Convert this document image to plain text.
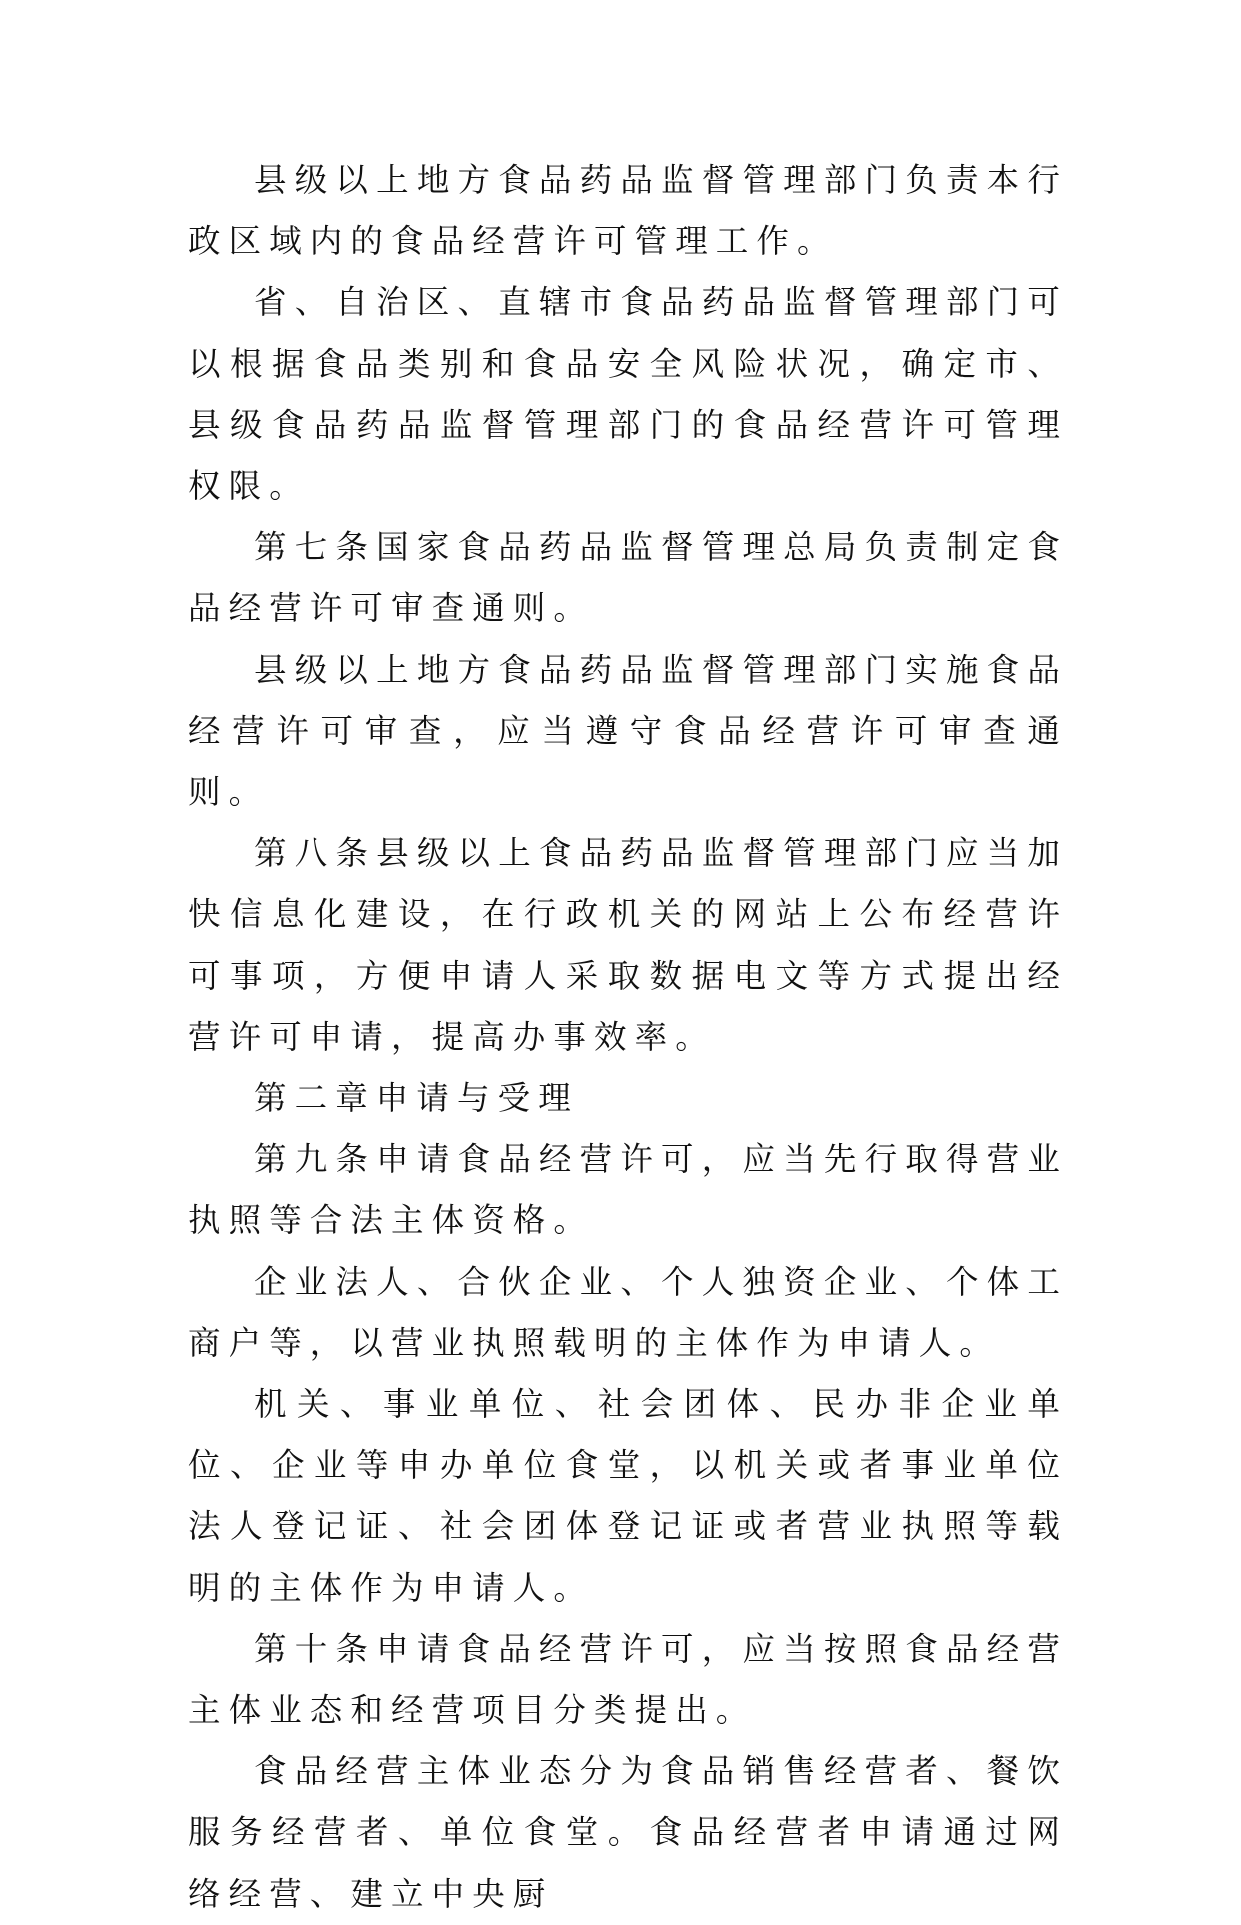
县级以上地方食品药品监督管理部门负责本行政区域内的食品经营许可管理工作。

省、自治区、直辖市食品药品监督管理部门可以根据食品类别和食品安全风险状况，确定市、县级食品药品监督管理部门的食品经营许可管理权限。

第七条国家食品药品监督管理总局负责制定食品经营许可审查通则。

县级以上地方食品药品监督管理部门实施食品经营许可审查，应当遵守食品经营许可审查通则。

第八条县级以上食品药品监督管理部门应当加快信息化建设，在行政机关的网站上公布经营许可事项，方便申请人采取数据电文等方式提出经营许可申请，提高办事效率。

第二章申请与受理

第九条申请食品经营许可，应当先行取得营业执照等合法主体资格。

企业法人、合伙企业、个人独资企业、个体工商户等，以营业执照载明的主体作为申请人。

机关、事业单位、社会团体、民办非企业单位、企业等申办单位食堂，以机关或者事业单位法人登记证、社会团体登记证或者营业执照等载明的主体作为申请人。

第十条申请食品经营许可，应当按照食品经营主体业态和经营项目分类提出。

食品经营主体业态分为食品销售经营者、餐饮服务经营者、单位食堂。食品经营者申请通过网络经营、建立中央厨
